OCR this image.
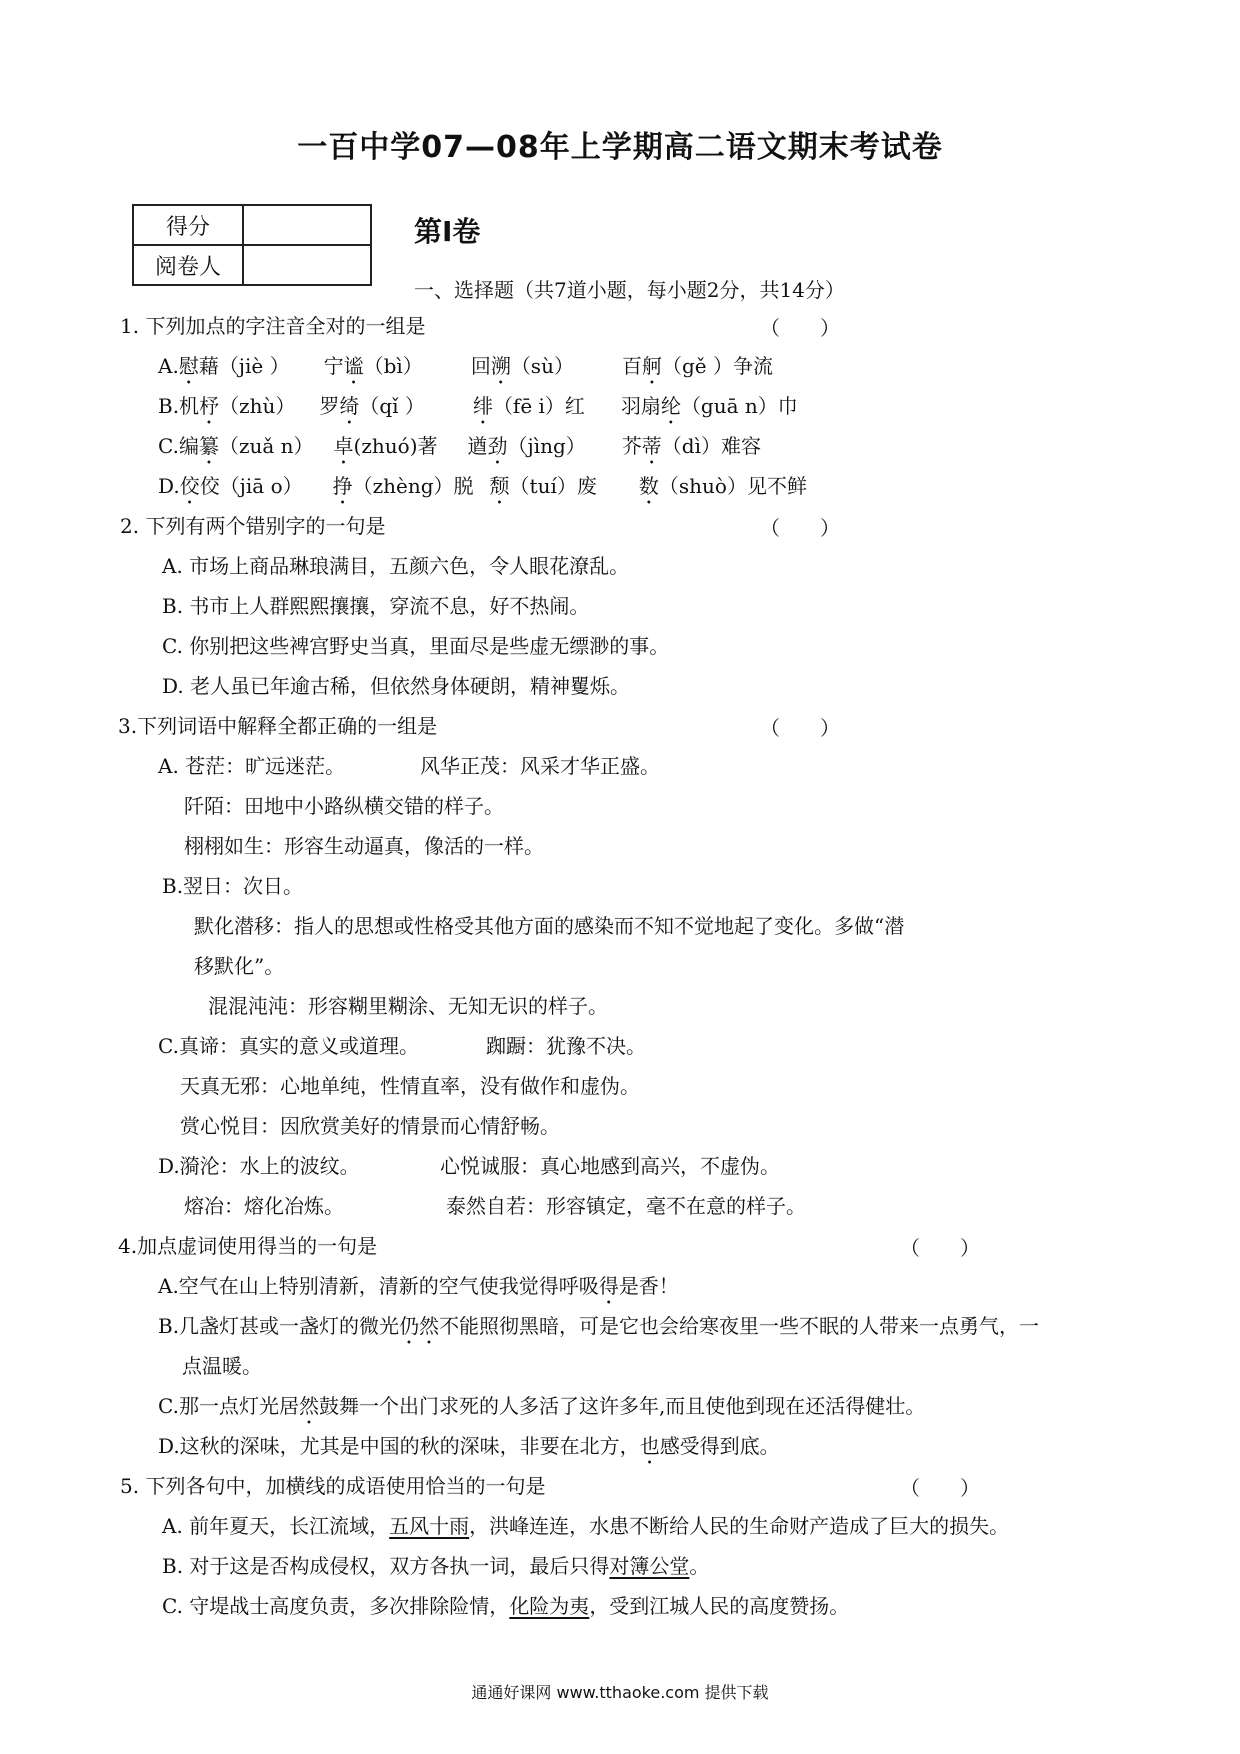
一百中学07—08年上学期高二语文期末考试卷
得分	
阅卷人	
第Ⅰ卷
一、选择题（共7道小题，每小题2分，共14分）
1. 下列加点的字注音全对的一组是	（　　）
A.慰藉（jiè ） 宁谧（bì） 回溯（sù） 百舸（gě ）争流
B.机杼（zhù） 罗绮（qǐ ） 绯（fē i）红 羽扇纶（guā n）巾
C.编纂（zuǎ n） 卓(zhuó)著 遒劲（jìng） 芥蒂（dì）难容
D.佼佼（jiā o） 挣（zhèng）脱 颓（tuí）废 数（shuò）见不鲜
2. 下列有两个错别字的一句是	（　　）
A. 市场上商品琳琅满目，五颜六色，令人眼花潦乱。
B. 书市上人群熙熙攘攘，穿流不息，好不热闹。
C. 你别把这些裨宫野史当真，里面尽是些虚无缥渺的事。
D. 老人虽已年逾古稀，但依然身体硬朗，精神矍烁。
3.下列词语中解释全都正确的一组是	（　　）
A. 苍茫：旷远迷茫。	风华正茂：风采才华正盛。
阡陌：田地中小路纵横交错的样子。
栩栩如生：形容生动逼真，像活的一样。
B.翌日：次日。
默化潜移：指人的思想或性格受其他方面的感染而不知不觉地起了变化。多做“潜
移默化”。
混混沌沌：形容糊里糊涂、无知无识的样子。
C.真谛：真实的意义或道理。	踟蹰：犹豫不决。
天真无邪：心地单纯，性情直率，没有做作和虚伪。
赏心悦目：因欣赏美好的情景而心情舒畅。
D.漪沦：水上的波纹。	心悦诚服：真心地感到高兴，不虚伪。
熔冶：熔化冶炼。	泰然自若：形容镇定，毫不在意的样子。
4.加点虚词使用得当的一句是	（　　）
A.空气在山上特别清新，清新的空气使我觉得呼吸得是香！
B.几盏灯甚或一盏灯的微光仍然不能照彻黑暗，可是它也会给寒夜里一些不眠的人带来一点勇气，一
点温暖。
C.那一点灯光居然鼓舞一个出门求死的人多活了这许多年,而且使他到现在还活得健壮。
D.这秋的深味，尤其是中国的秋的深味，非要在北方，也感受得到底。
5. 下列各句中，加横线的成语使用恰当的一句是	（　　）
A. 前年夏天，长江流域，五风十雨，洪峰连连，水患不断给人民的生命财产造成了巨大的损失。
B. 对于这是否构成侵权，双方各执一词，最后只得对簿公堂。
C. 守堤战士高度负责，多次排除险情，化险为夷，受到江城人民的高度赞扬。
通通好课网 www.tthaoke.com 提供下载
